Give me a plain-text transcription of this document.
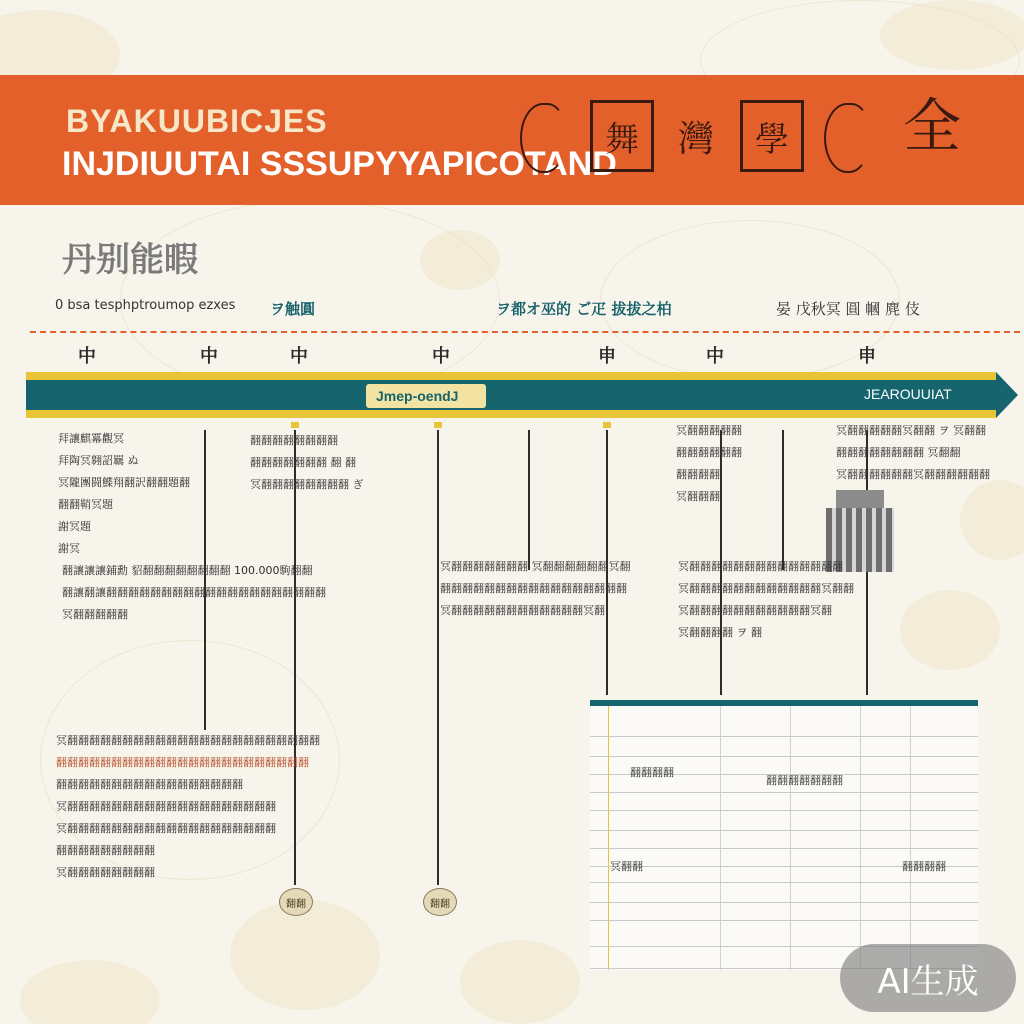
BYAKUUBICJES
INJDIUUTAI SSSUPYYAPICOTAND
舞	灣	學 全
丹别能暇
0 bsa tesphptroumop ezxes ヲ触圓	ヲ都オ巫的 ご疋 拔拔之柏	晏 戊秋冥 圓 幗 麂 伎
中	中	中	中	申	中	申
Jmep-oendJ	JEAROUUIAT
拜讓麒冪觀冥
拜陶冥翱詔羈 ぬ
冥隴團闘鰈翔翻訳翻翻題翻
翻翻鞘冥題
謝冥題
謝冥
翻翻翻翻翻翻翻翻
翻翻翻翻翻翻翻 翻 翻
冥翻翻翻翻翻翻翻翻 ぎ
冥翻翻翻翻翻
翻翻翻翻翻翻
翻翻翻翻
冥翻翻翻
冥翻翻翻翻翻冥翻翻 ヲ 冥翻翻
翻翻翻翻翻翻翻翻 冥翻翻
冥翻翻翻翻翻翻冥翻翻翻翻翻翻
翻讓讓讓鋪勳 貂翻翻翻翻翻翻翻翻 100.000駒翻翻
翻讓翻讓翻翻翻翻翻翻翻翻翻翻翻翻翻翻翻翻翻翻翻翻
冥翻翻翻翻翻
冥翻翻翻翻翻翻翻 冥翻翻翻翻翻翻冥翻
翻翻翻翻翻翻翻翻翻翻翻翻翻翻翻翻翻
冥翻翻翻翻翻翻翻翻翻翻翻翻冥翻
冥翻翻翻翻翻翻翻翻翻翻翻翻翻翻
冥翻翻翻翻翻翻翻翻翻翻翻翻冥翻翻
冥翻翻翻翻翻翻翻翻翻翻翻冥翻
冥翻翻翻翻 ヲ 翻
冥翻翻翻翻翻翻翻翻翻翻翻翻翻翻翻翻翻翻翻翻翻翻翻
翻翻翻翻翻翻翻翻翻翻翻翻翻翻翻翻翻翻翻翻翻翻翻
翻翻翻翻翻翻翻翻翻翻翻翻翻翻翻翻翻
冥翻翻翻翻翻翻翻翻翻翻翻翻翻翻翻翻翻翻翻
冥翻翻翻翻翻翻翻翻翻翻翻翻翻翻翻翻翻翻翻
翻翻翻翻翻翻翻翻翻
冥翻翻翻翻翻翻翻翻
翻翻	翻翻
翻翻翻翻
翻翻翻翻翻翻翻
冥翻翻	翻翻翻翻
AI生成
